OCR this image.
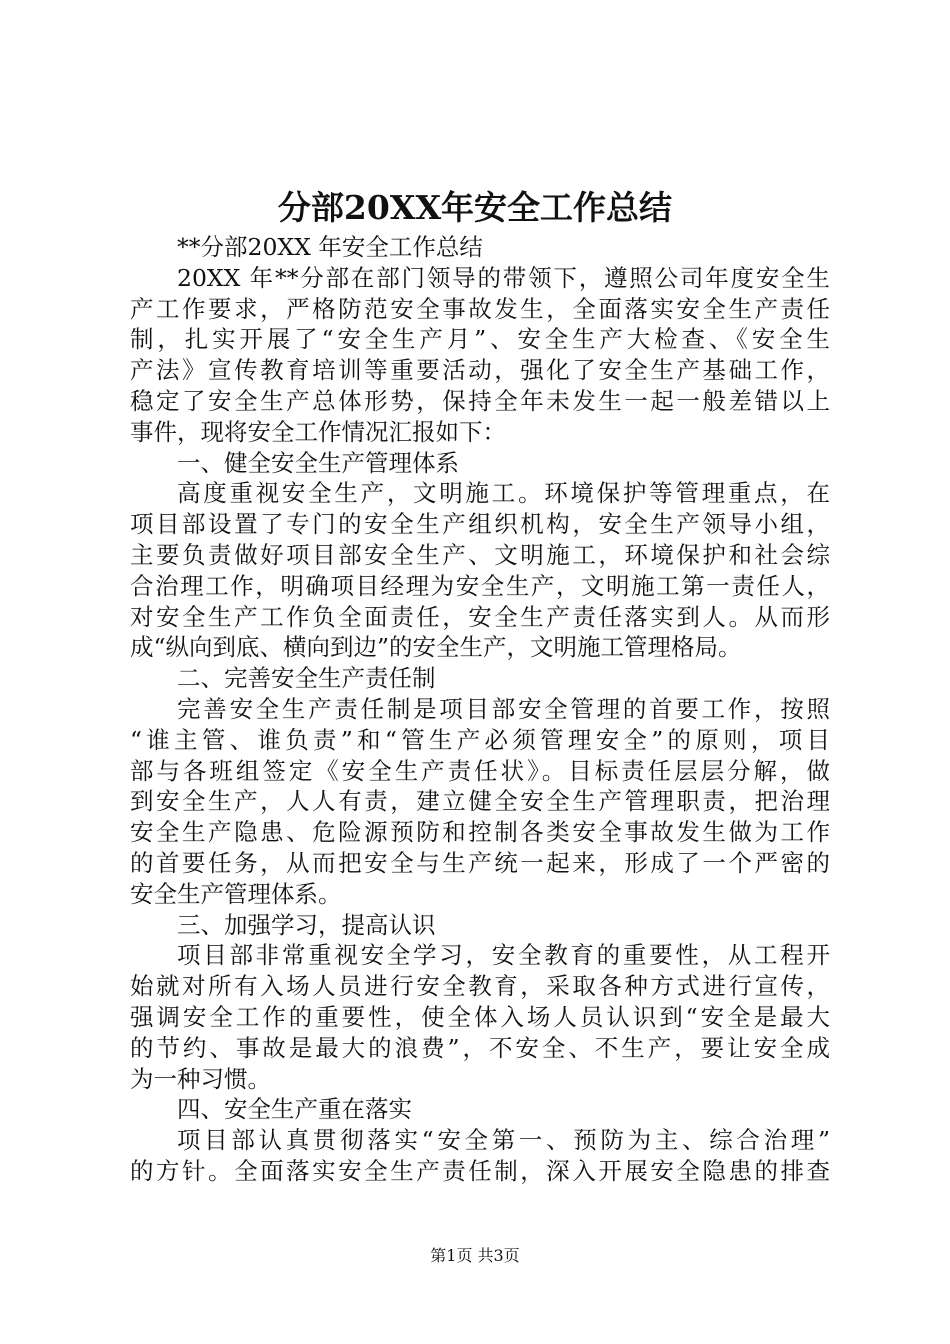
分部20XX年安全工作总结
**分部20XX 年安全工作总结
20XX 年**分部在部门领导的带领下，遵照公司年度安全生
产工作要求，严格防范安全事故发生，全面落实安全生产责任
制，扎实开展了“安全生产月”、安全生产大检查、《安全生
产法》宣传教育培训等重要活动，强化了安全生产基础工作，
稳定了安全生产总体形势，保持全年未发生一起一般差错以上
事件，现将安全工作情况汇报如下：
一、健全安全生产管理体系
高度重视安全生产，文明施工。环境保护等管理重点，在
项目部设置了专门的安全生产组织机构，安全生产领导小组，
主要负责做好项目部安全生产、文明施工，环境保护和社会综
合治理工作，明确项目经理为安全生产，文明施工第一责任人，
对安全生产工作负全面责任，安全生产责任落实到人。从而形
成“纵向到底、横向到边”的安全生产，文明施工管理格局。
二、完善安全生产责任制
完善安全生产责任制是项目部安全管理的首要工作，按照
“谁主管、谁负责”和“管生产必须管理安全”的原则，项目
部与各班组签定《安全生产责任状》。目标责任层层分解，做
到安全生产，人人有责，建立健全安全生产管理职责，把治理
安全生产隐患、危险源预防和控制各类安全事故发生做为工作
的首要任务，从而把安全与生产统一起来，形成了一个严密的
安全生产管理体系。
三、加强学习，提高认识
项目部非常重视安全学习，安全教育的重要性，从工程开
始就对所有入场人员进行安全教育，采取各种方式进行宣传，
强调安全工作的重要性，使全体入场人员认识到“安全是最大
的节约、事故是最大的浪费”，不安全、不生产，要让安全成
为一种习惯。
四、安全生产重在落实
项目部认真贯彻落实“安全第一、预防为主、综合治理”
的方针。全面落实安全生产责任制，深入开展安全隐患的排查
第1页 共3页
